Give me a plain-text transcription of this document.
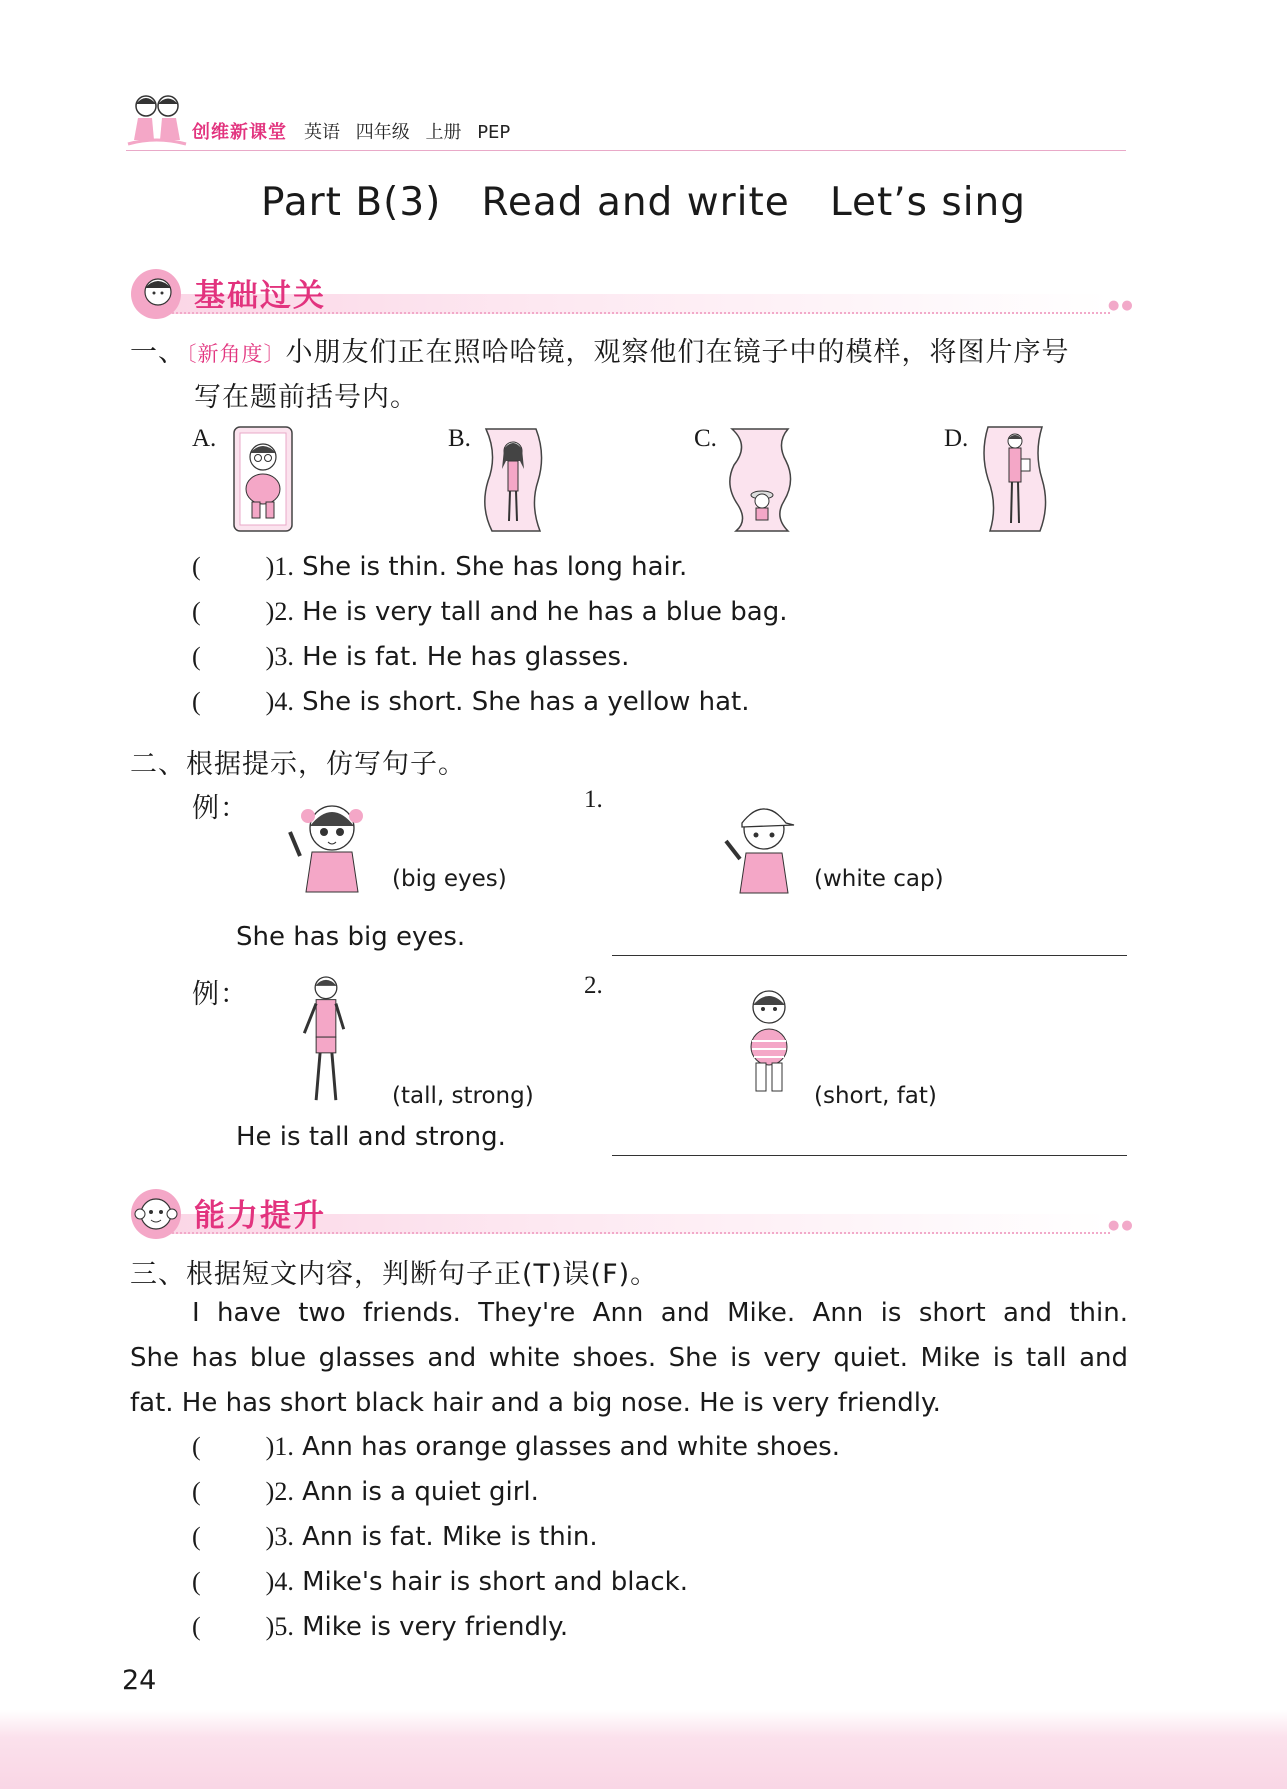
创维新课堂 英语 四年级 上册 PEP
Part B(3)   Read and write   Let’s sing
基础过关	●●
一、〔新角度〕小朋友们正在照哈哈镜，观察他们在镜子中的模样，将图片序号
写在题前括号内。
A.	B.	C.	D.
(          )1. She is thin. She has long hair.
(          )2. He is very tall and he has a blue bag.
(          )3. He is fat. He has glasses.
(          )4. She is short. She has a yellow hat.
二、根据提示，仿写句子。
例：
(big eyes)
She has big eyes.
1.
(white cap)
例：
(tall, strong)
He is tall and strong.
2.
(short, fat)
能力提升	●●
三、根据短文内容，判断句子正(T)误(F)。
I have two friends. They're Ann and Mike. Ann is short and thin.
She has blue glasses and white shoes. She is very quiet. Mike is tall and
fat. He has short black hair and a big nose. He is very friendly.
(          )1. Ann has orange glasses and white shoes.
(          )2. Ann is a quiet girl.
(          )3. Ann is fat. Mike is thin.
(          )4. Mike's hair is short and black.
(          )5. Mike is very friendly.
24
